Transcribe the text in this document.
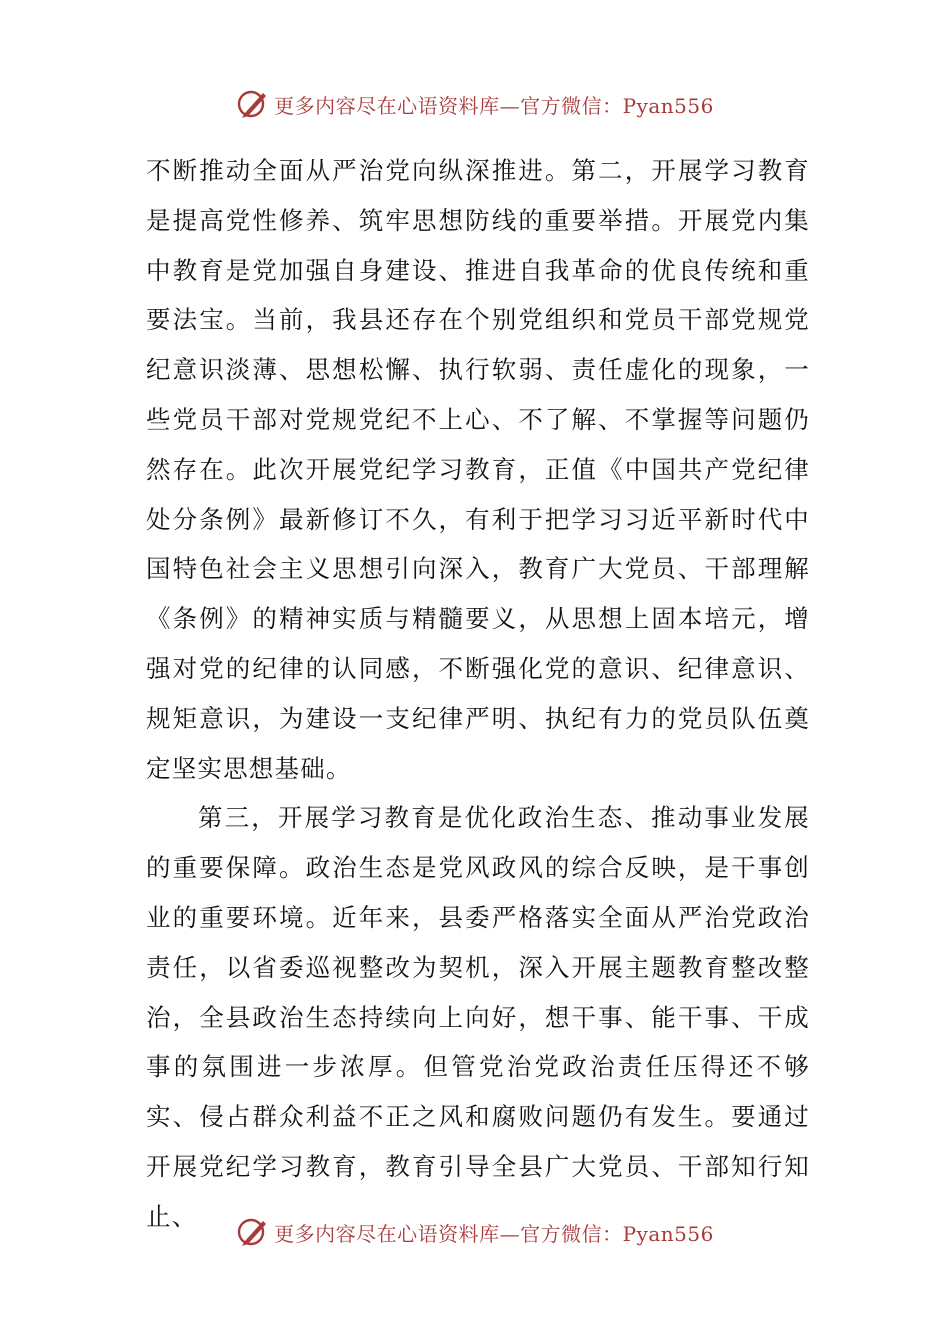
更多内容尽在心语资料库— 官方微信：Pyan556

不断推动全面从严治党向纵深推进。第二，开展学习教育是提高党性修养、筑牢思想防线的重要举措。开展党内集中教育是党加强自身建设、推进自我革命的优良传统和重要法宝。当前，我县还存在个别党组织和党员干部党规党纪意识淡薄、思想松懈、执行软弱、责任虚化的现象，一些党员干部对党规党纪不上心、不了解、不掌握等问题仍然存在。此次开展党纪学习教育，正值《中国共产党纪律处分条例》最新修订不久，有利于把学习习近平新时代中国特色社会主义思想引向深入，教育广大党员、干部理解《条例》的精神实质与精髓要义，从思想上固本培元，增强对党的纪律的认同感，不断强化党的意识、纪律意识、规矩意识，为建设一支纪律严明、执纪有力的党员队伍奠定坚实思想基础。

第三，开展学习教育是优化政治生态、推动事业发展的重要保障。政治生态是党风政风的综合反映，是干事创业的重要环境。近年来，县委严格落实全面从严治党政治责任，以省委巡视整改为契机，深入开展主题教育整改整治，全县政治生态持续向上向好，想干事、能干事、干成事的氛围进一步浓厚。但管党治党政治责任压得还不够实、侵占群众利益不正之风和腐败问题仍有发生。要通过开展党纪学习教育，教育引导全县广大党员、干部知行知止、

更多内容尽在心语资料库— 官方微信：Pyan556
